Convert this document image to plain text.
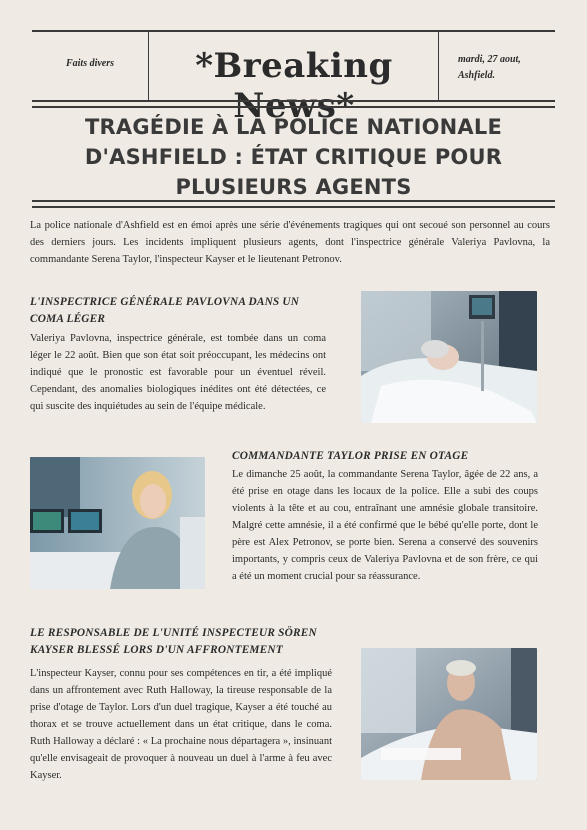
Faits divers	*Breaking	mardi, 27 aout,
Ashfield.
TRAGÉDIE À LA POLICE NATIONALE
D'ASHFIELD : ÉTAT CRITIQUE POUR
PLUSIEURS AGENTS

La police nationale d'Ashfield est en émoi après une série d'événements tragiques qui ont secoué son personnel au cours des derniers jours. Les incidents impliquent plusieurs agents, dont l'inspectrice générale Valeriya Pavlovna, la commandante Serena Taylor, l'inspecteur Kayser et le lieutenant Petronov.

L'INSPECTRICE GÉNÉRALE PAVLOVNA DANS UN COMA LÉGER
Valeriya Pavlovna, inspectrice générale, est tombée dans un coma léger le 22 août. Bien que son état soit préoccupant, les médecins ont indiqué que le pronostic est favorable pour un éventuel réveil. Cependant, des anomalies biologiques inédites ont été détectées, ce qui suscite des inquiétudes au sein de l'équipe médicale.
COMMANDANTE TAYLOR PRISE EN OTAGE
Le dimanche 25 août, la commandante Serena Taylor, âgée de 22 ans, a été prise en otage dans les locaux de la police. Elle a subi des coups violents à la tête et au cou, entraînant une amnésie globale transitoire. Malgré cette amnésie, il a été confirmé que le bébé qu'elle porte, dont le père est Alex Petronov, se porte bien. Serena a conservé des souvenirs importants, y compris ceux de Valeriya Pavlovna et de son frère, ce qui a été un moment crucial pour sa réassurance.
LE RESPONSABLE DE L'UNITÉ INSPECTEUR SÖREN KAYSER BLESSÉ LORS D'UN AFFRONTEMENT
L'inspecteur Kayser, connu pour ses compétences en tir, a été impliqué dans un affrontement avec Ruth Halloway, la tireuse responsable de la prise d'otage de Taylor. Lors d'un duel tragique, Kayser a été touché au thorax et se trouve actuellement dans un état critique, dans le coma. Ruth Halloway a déclaré : « La prochaine nous départagera », insinuant qu'elle envisageait de provoquer à nouveau un duel à l'arme à feu avec Kayser.
